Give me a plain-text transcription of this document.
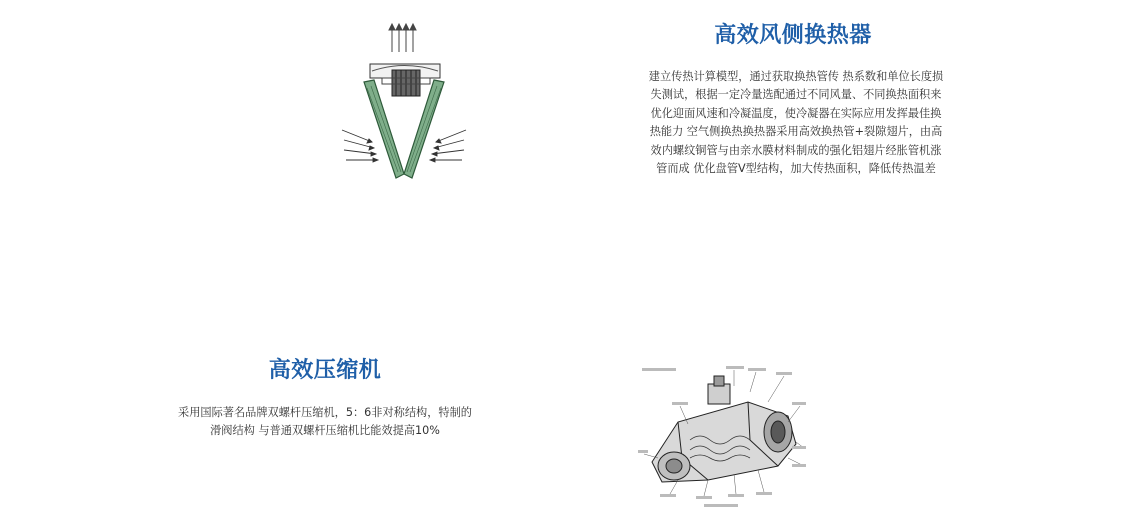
高效风侧换热器

建立传热计算模型，通过获取换热管传 热系数和单位长度损失测试，根据一定冷量选配通过不同风量、不同换热面积来优化迎面风速和冷凝温度，使冷凝器在实际应用发挥最佳换热能力 空气侧换热换热器采用高效换热管+裂隙翅片，由高效内螺纹铜管与由亲水膜材料制成的强化铝翅片经胀管机涨管而成 优化盘管V型结构，加大传热面积，降低传热温差

高效压缩机

采用国际著名品牌双螺杆压缩机，5：6非对称结构，特制的滑阀结构 与普通双螺杆压缩机比能效提高10%
